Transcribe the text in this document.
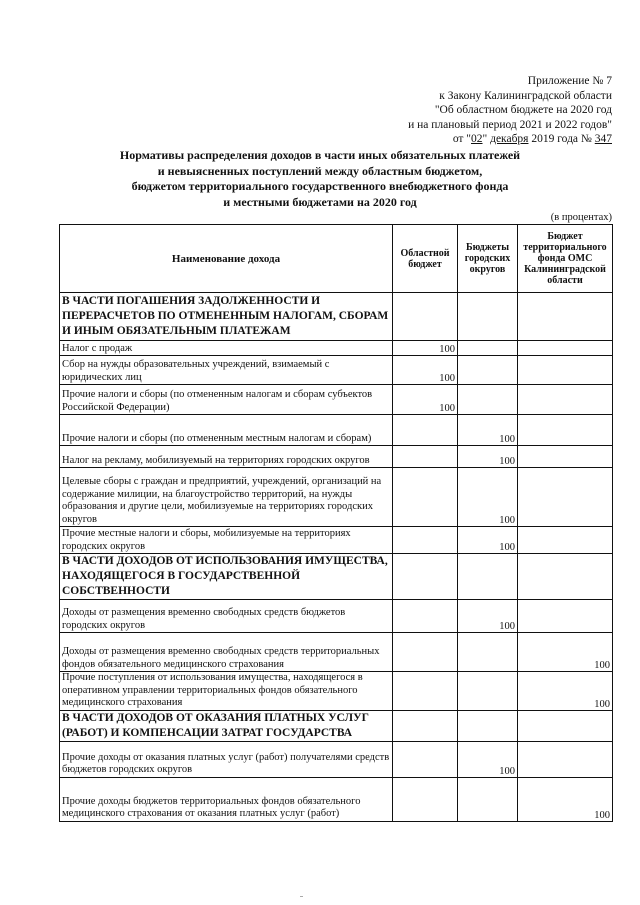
Приложение № 7
к Закону Калининградской области
"Об областном бюджете на 2020 год
и на плановый период 2021 и 2022 годов"
от "02" декабря 2019 года № 347
Нормативы распределения доходов в части иных обязательных платежей
и невыясненных поступлений между областным бюджетом,
бюджетом территориального государственного внебюджетного фонда
и местными бюджетами на 2020 год
(в процентах)
Наименование дохода	Областной бюджет	Бюджеты городских округов	Бюджет территориального фонда ОМС Калининградской области
В ЧАСТИ ПОГАШЕНИЯ ЗАДОЛЖЕННОСТИ И ПЕРЕРАСЧЕТОВ ПО ОТМЕНЕННЫМ НАЛОГАМ, СБОРАМ И ИНЫМ ОБЯЗАТЕЛЬНЫМ ПЛАТЕЖАМ			
Налог с продаж	100		
Сбор на нужды образовательных учреждений, взимаемый с юридических лиц	100		
Прочие налоги и сборы (по отмененным налогам и сборам субъектов Российской Федерации)	100		
Прочие налоги и сборы (по отмененным местным налогам и сборам)		100	
Налог на рекламу, мобилизуемый на территориях городских округов		100	
Целевые сборы с граждан и предприятий, учреждений, организаций на содержание милиции, на благоустройство территорий, на нужды образования и другие цели, мобилизуемые на территориях городских округов		100	
Прочие местные налоги и сборы, мобилизуемые на территориях городских округов		100	
В ЧАСТИ ДОХОДОВ ОТ ИСПОЛЬЗОВАНИЯ ИМУЩЕСТВА, НАХОДЯЩЕГОСЯ В ГОСУДАРСТВЕННОЙ СОБСТВЕННОСТИ			
Доходы от размещения временно свободных средств бюджетов городских округов		100	
Доходы от размещения временно свободных средств территориальных фондов обязательного медицинского страхования			100
Прочие поступления от использования имущества, находящегося в оперативном управлении территориальных фондов обязательного медицинского страхования			100
В ЧАСТИ ДОХОДОВ ОТ ОКАЗАНИЯ ПЛАТНЫХ УСЛУГ (РАБОТ) И КОМПЕНСАЦИИ ЗАТРАТ ГОСУДАРСТВА			
Прочие доходы от оказания платных услуг (работ) получателями средств бюджетов городских округов		100	
Прочие доходы бюджетов территориальных фондов обязательного медицинского страхования от оказания платных услуг (работ)			100
